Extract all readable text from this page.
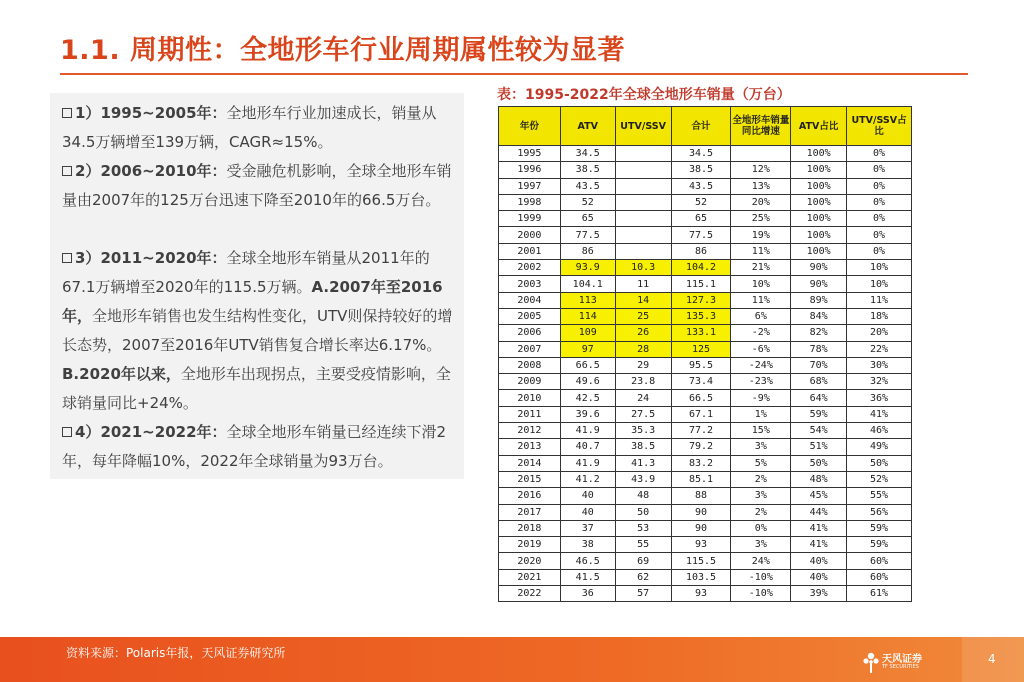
1.1. 周期性：全地形车行业周期属性较为显著
1）1995~2005年：全地形车行业加速成长，销量从34.5万辆增至139万辆，CAGR≈15%。
2）2006~2010年：受金融危机影响，全球全地形车销量由2007年的125万台迅速下降至2010年的66.5万台。
3）2011~2020年：全球全地形车销量从2011年的67.1万辆增至2020年的115.5万辆。A.2007年至2016年，全地形车销售也发生结构性变化，UTV则保持较好的增长态势，2007至2016年UTV销售复合增长率达6.17%。B.2020年以来，全地形车出现拐点，主要受疫情影响，全球销量同比+24%。
4）2021~2022年：全球全地形车销量已经连续下滑2年，每年降幅10%，2022年全球销量为93万台。
表：1995-2022年全球全地形车销量（万台）
年份	ATV	UTV/SSV	合计	全地形车销量同比增速	ATV占比	UTV/SSV占比
1995	34.5		34.5		100%	0%
1996	38.5		38.5	12%	100%	0%
1997	43.5		43.5	13%	100%	0%
1998	52		52	20%	100%	0%
1999	65		65	25%	100%	0%
2000	77.5		77.5	19%	100%	0%
2001	86		86	11%	100%	0%
2002	93.9	10.3	104.2	21%	90%	10%
2003	104.1	11	115.1	10%	90%	10%
2004	113	14	127.3	11%	89%	11%
2005	114	25	135.3	6%	84%	18%
2006	109	26	133.1	-2%	82%	20%
2007	97	28	125	-6%	78%	22%
2008	66.5	29	95.5	-24%	70%	30%
2009	49.6	23.8	73.4	-23%	68%	32%
2010	42.5	24	66.5	-9%	64%	36%
2011	39.6	27.5	67.1	1%	59%	41%
2012	41.9	35.3	77.2	15%	54%	46%
2013	40.7	38.5	79.2	3%	51%	49%
2014	41.9	41.3	83.2	5%	50%	50%
2015	41.2	43.9	85.1	2%	48%	52%
2016	40	48	88	3%	45%	55%
2017	40	50	90	2%	44%	56%
2018	37	53	90	0%	41%	59%
2019	38	55	93	3%	41%	59%
2020	46.5	69	115.5	24%	40%	60%
2021	41.5	62	103.5	-10%	40%	60%
2022	36	57	93	-10%	39%	61%
资料来源：Polaris年报，天风证券研究所	天风证券
TF SECURITIES
4
